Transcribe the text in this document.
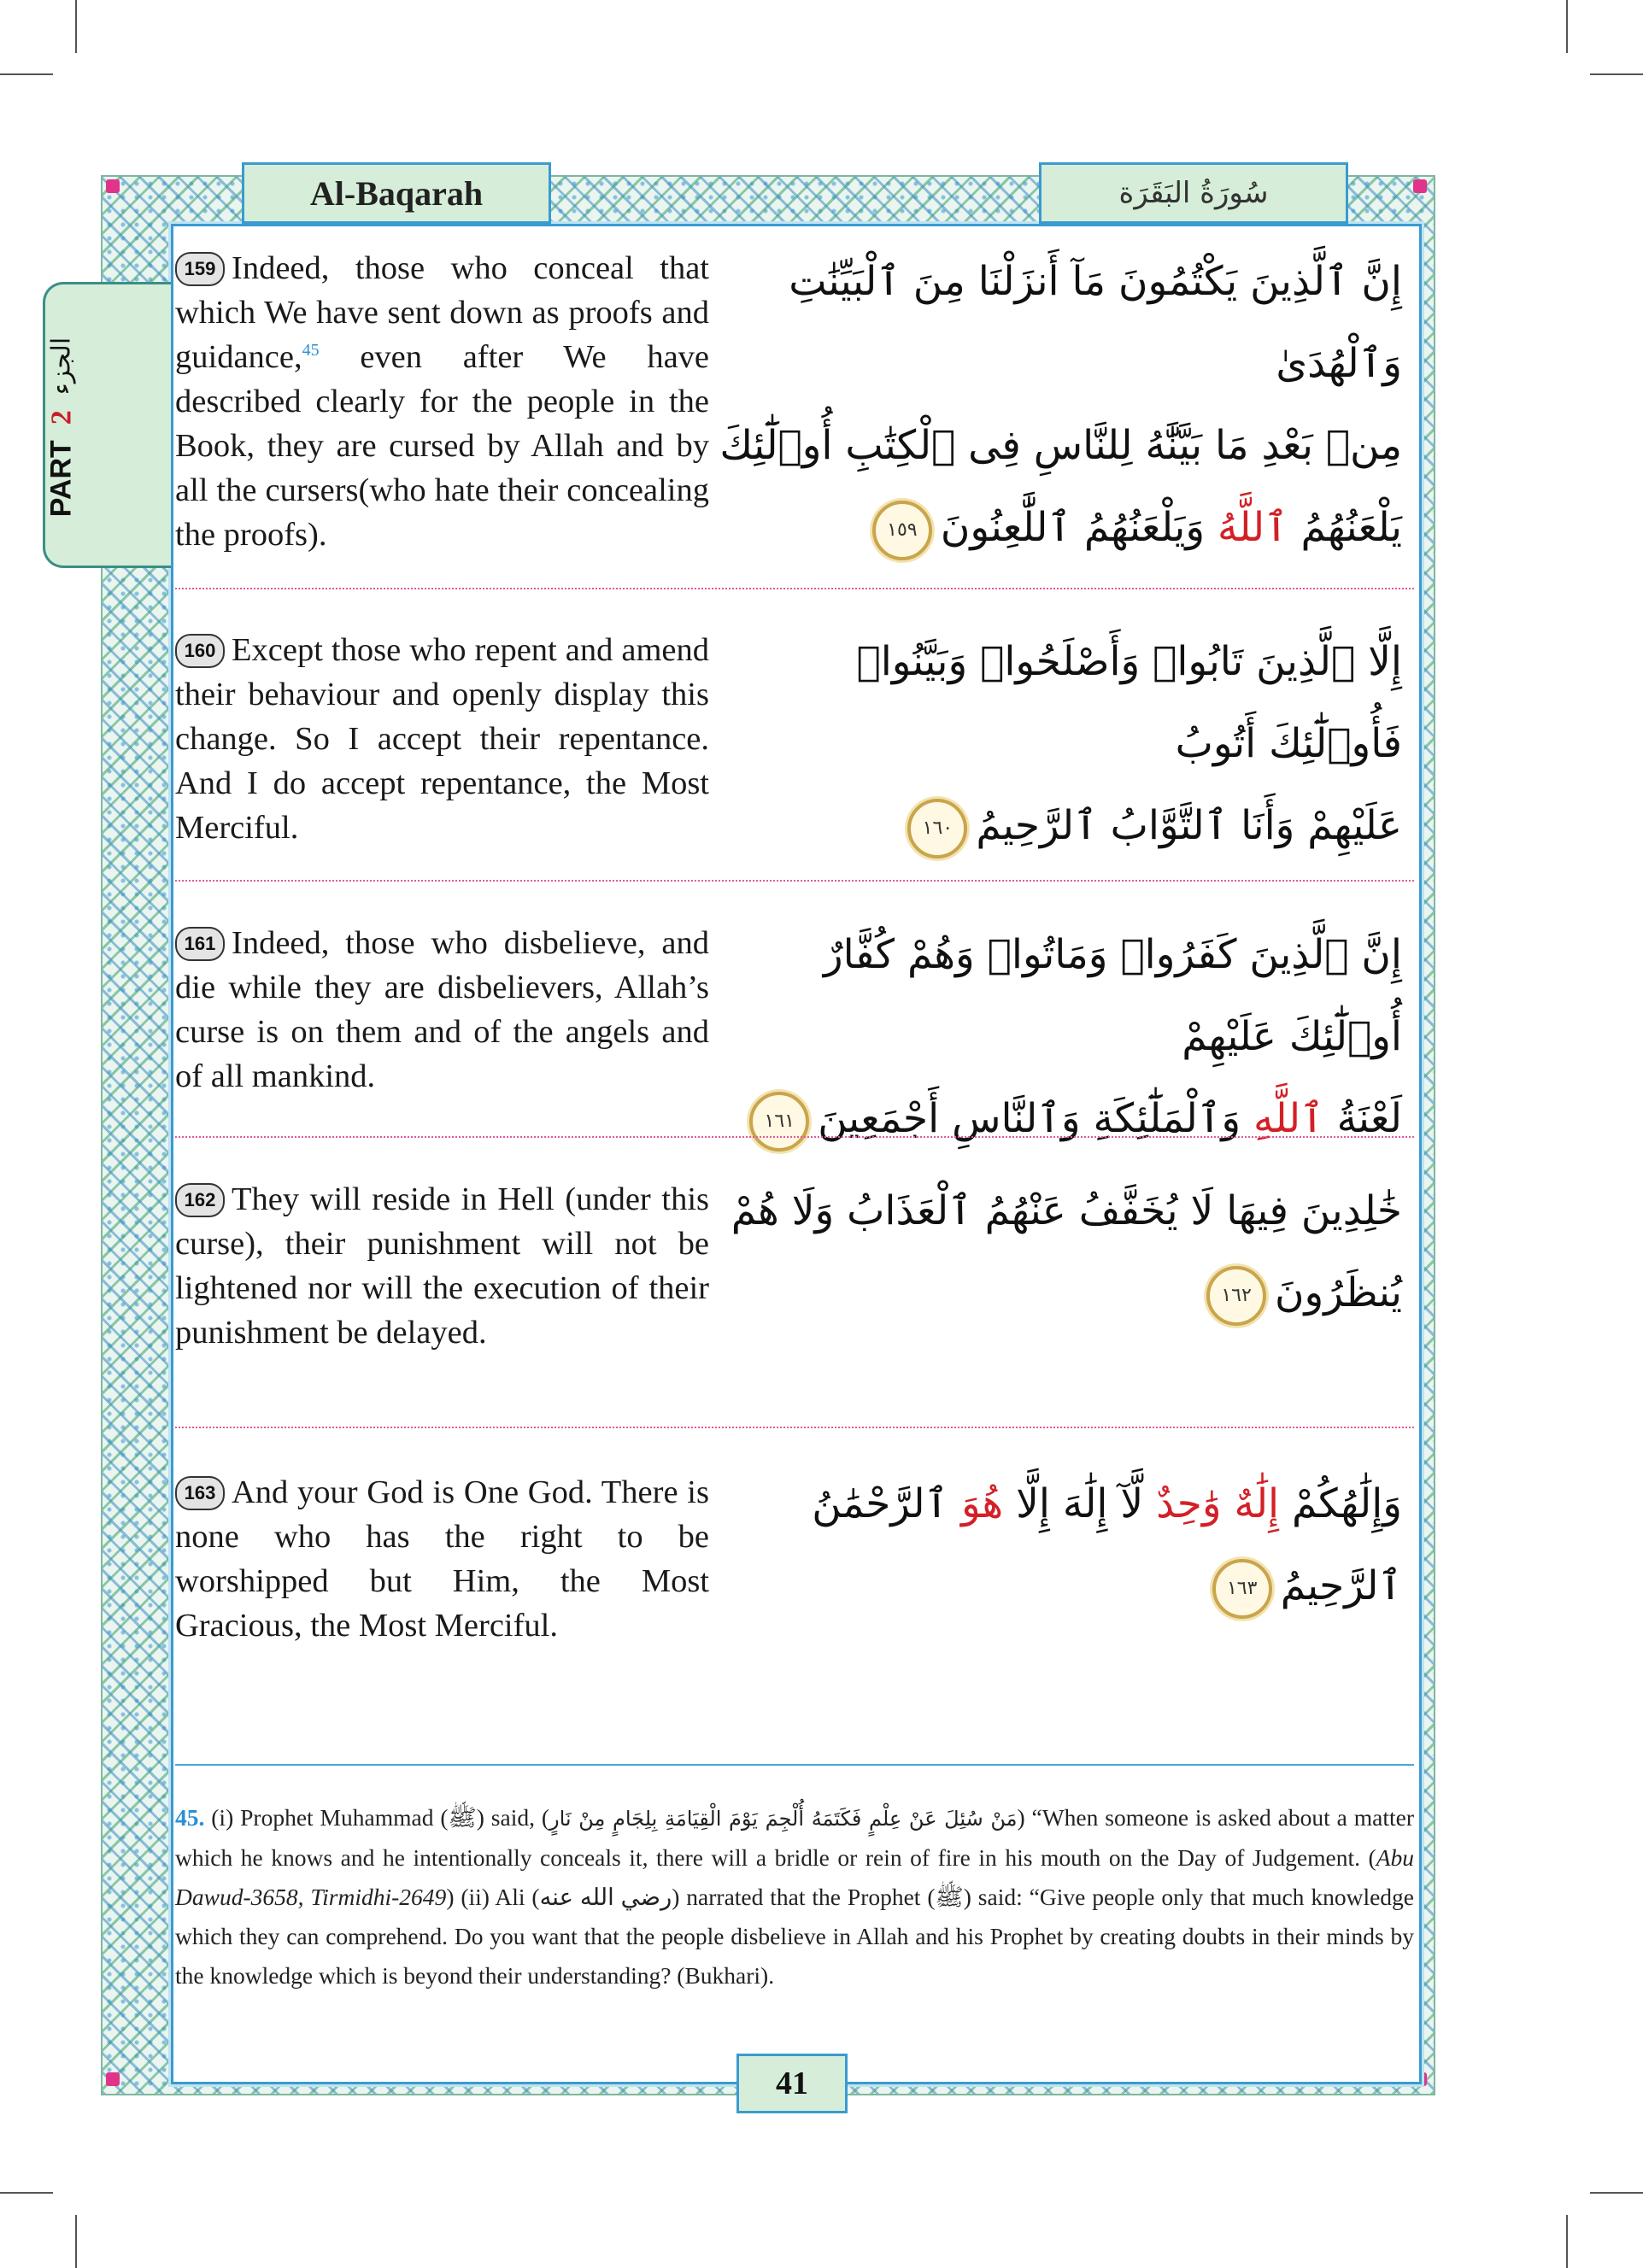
Al-Baqarah	سُورَةُ البَقَرَة
PART
2
الجزء
159 Indeed, those who conceal that which We have sent down as proofs and guidance,$^{45}$ even after We have described clearly for the people in the Book, they are cursed by Allah and by all the cursers(who hate their concealing the proofs).
إِنَّ ٱلَّذِينَ يَكْتُمُونَ مَآ أَنزَلْنَا مِنَ ٱلْبَيِّنَٰتِ وَٱلْهُدَىٰ
مِنۢ بَعْدِ مَا بَيَّنَّٰهُ لِلنَّاسِ فِى ٱلْكِتَٰبِ أُو۟لَٰٓئِكَ
يَلْعَنُهُمُ ٱللَّهُ وَيَلْعَنُهُمُ ٱللَّٰعِنُونَ١٥٩
160 Except those who repent and amend their behaviour and openly display this change. So I accept their repentance. And I do accept repentance, the Most Merciful.
إِلَّا ٱلَّذِينَ تَابُوا۟ وَأَصْلَحُوا۟ وَبَيَّنُوا۟ فَأُو۟لَٰٓئِكَ أَتُوبُ
عَلَيْهِمْ وَأَنَا ٱلتَّوَّابُ ٱلرَّحِيمُ١٦٠
161 Indeed, those who disbelieve, and die while they are disbelievers, Allah’s curse is on them and of the angels and of all mankind.
إِنَّ ٱلَّذِينَ كَفَرُوا۟ وَمَاتُوا۟ وَهُمْ كُفَّارٌ أُو۟لَٰٓئِكَ عَلَيْهِمْ
لَعْنَةُ ٱللَّهِ وَٱلْمَلَٰٓئِكَةِ وَٱلنَّاسِ أَجْمَعِينَ١٦١
162 They will reside in Hell (under this curse), their punishment will not be lightened nor will the execution of their punishment be delayed.
خَٰلِدِينَ فِيهَا لَا يُخَفَّفُ عَنْهُمُ ٱلْعَذَابُ وَلَا هُمْ
يُنظَرُونَ١٦٢
163 And your God is One God. There is none who has the right to be worshipped but Him, the Most Gracious, the Most Merciful.
وَإِلَٰهُكُمْ إِلَٰهٌ وَٰحِدٌ لَّآ إِلَٰهَ إِلَّا هُوَ ٱلرَّحْمَٰنُ
ٱلرَّحِيمُ١٦٣
45. (i) Prophet Muhammad (ﷺ) said, (مَنْ سُئِلَ عَنْ عِلْمٍ فَكَتَمَهُ أُلْجِمَ يَوْمَ الْقِيَامَةِ بِلِجَامٍ مِنْ نَارٍ) “When someone is asked about a matter which he knows and he intentionally conceals it, there will a bridle or rein of fire in his mouth on the Day of Judgement. (Abu Dawud-3658, Tirmidhi-2649) (ii) Ali (رضي الله عنه) narrated that the Prophet (ﷺ) said: “Give people only that much knowledge which they can comprehend. Do you want that the people disbelieve in Allah and his Prophet by creating doubts in their minds by the knowledge which is beyond their understanding? (Bukhari).
41
